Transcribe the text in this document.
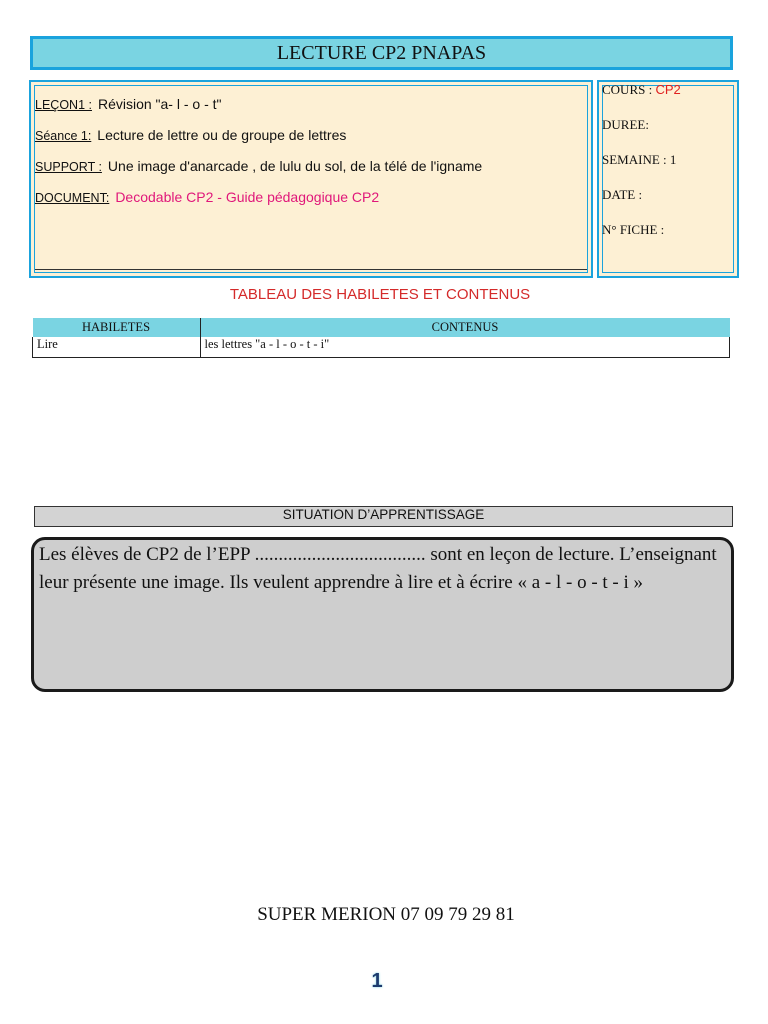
LECTURE CP2 PNAPAS
LEÇON1 : Révision "a- l - o - t"
Séance 1: Lecture de lettre ou de groupe de lettres
SUPPORT : Une image d'anarcade , de lulu du sol, de la télé de l'igname
DOCUMENT: Decodable CP2 - Guide pédagogique CP2
COURS : CP2
DUREE:
SEMAINE : 1
DATE :
N° FICHE :
TABLEAU DES HABILETES ET CONTENUS
HABILETES	CONTENUS
Lire	les lettres "a - l - o - t - i"
SITUATION D’APPRENTISSAGE
Les élèves de CP2 de l’EPP .................................... sont en leçon de lecture. L’enseignant leur présente une image. Ils veulent apprendre à lire et à écrire « a - l - o - t - i »
SUPER MERION 07 09 79 29 81
1
